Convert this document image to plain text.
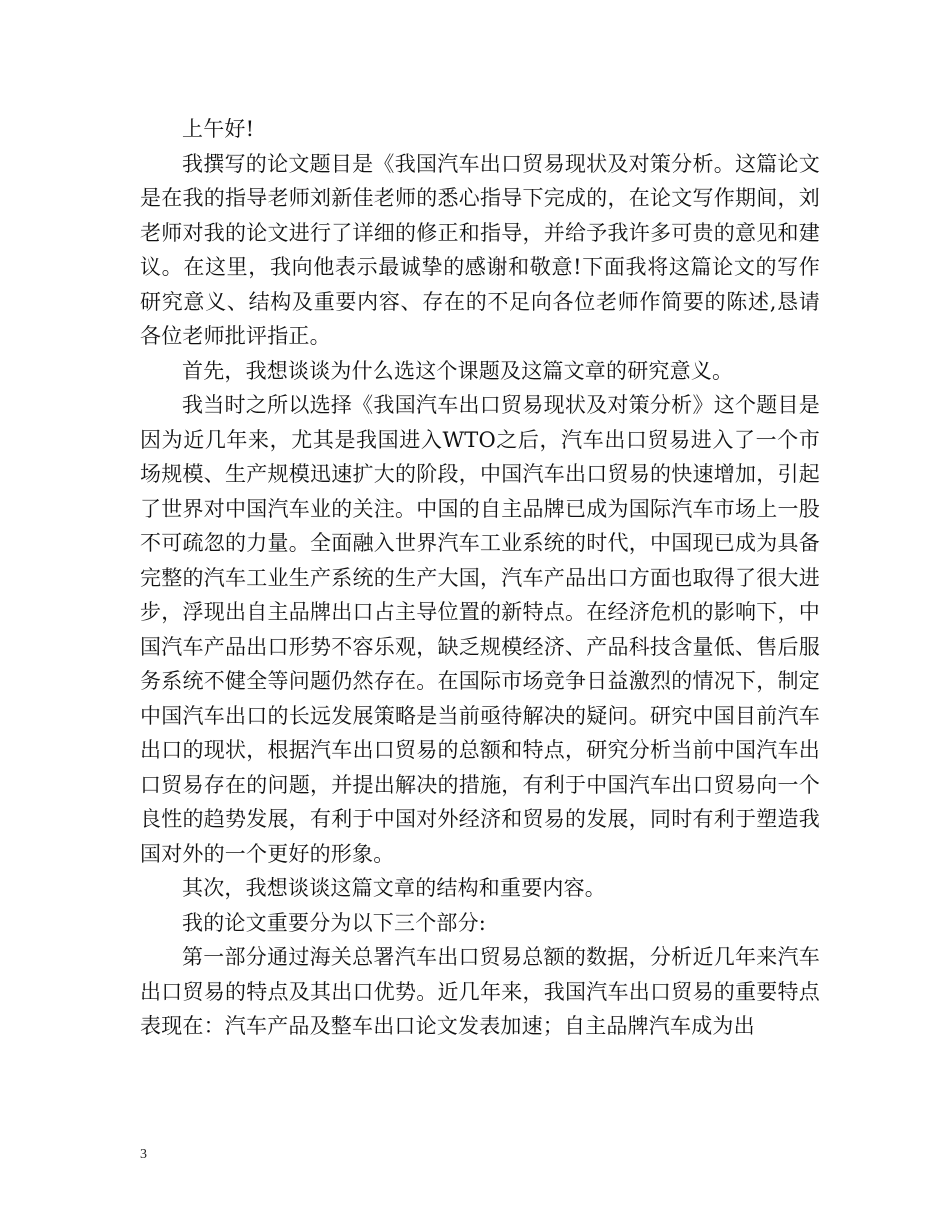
上午好!

我撰写的论文题目是《我国汽车出口贸易现状及对策分析。这篇论文是在我的指导老师刘新佳老师的悉心指导下完成的，在论文写作期间，刘老师对我的论文进行了详细的修正和指导，并给予我许多可贵的意见和建议。在这里，我向他表示最诚挚的感谢和敬意!下面我将这篇论文的写作研究意义、结构及重要内容、存在的不足向各位老师作简要的陈述,恳请各位老师批评指正。

首先，我想谈谈为什么选这个课题及这篇文章的研究意义。

我当时之所以选择《我国汽车出口贸易现状及对策分析》这个题目是因为近几年来，尤其是我国进入WTO之后，汽车出口贸易进入了一个市场规模、生产规模迅速扩大的阶段，中国汽车出口贸易的快速增加，引起了世界对中国汽车业的关注。中国的自主品牌已成为国际汽车市场上一股不可疏忽的力量。全面融入世界汽车工业系统的时代，中国现已成为具备完整的汽车工业生产系统的生产大国，汽车产品出口方面也取得了很大进步，浮现出自主品牌出口占主导位置的新特点。在经济危机的影响下，中国汽车产品出口形势不容乐观，缺乏规模经济、产品科技含量低、售后服务系统不健全等问题仍然存在。在国际市场竞争日益激烈的情况下，制定中国汽车出口的长远发展策略是当前亟待解决的疑问。研究中国目前汽车出口的现状，根据汽车出口贸易的总额和特点，研究分析当前中国汽车出口贸易存在的问题，并提出解决的措施，有利于中国汽车出口贸易向一个良性的趋势发展，有利于中国对外经济和贸易的发展，同时有利于塑造我国对外的一个更好的形象。

其次，我想谈谈这篇文章的结构和重要内容。

我的论文重要分为以下三个部分:

第一部分通过海关总署汽车出口贸易总额的数据，分析近几年来汽车出口贸易的特点及其出口优势。近几年来，我国汽车出口贸易的重要特点表现在：汽车产品及整车出口论文发表加速；自主品牌汽车成为出

3
